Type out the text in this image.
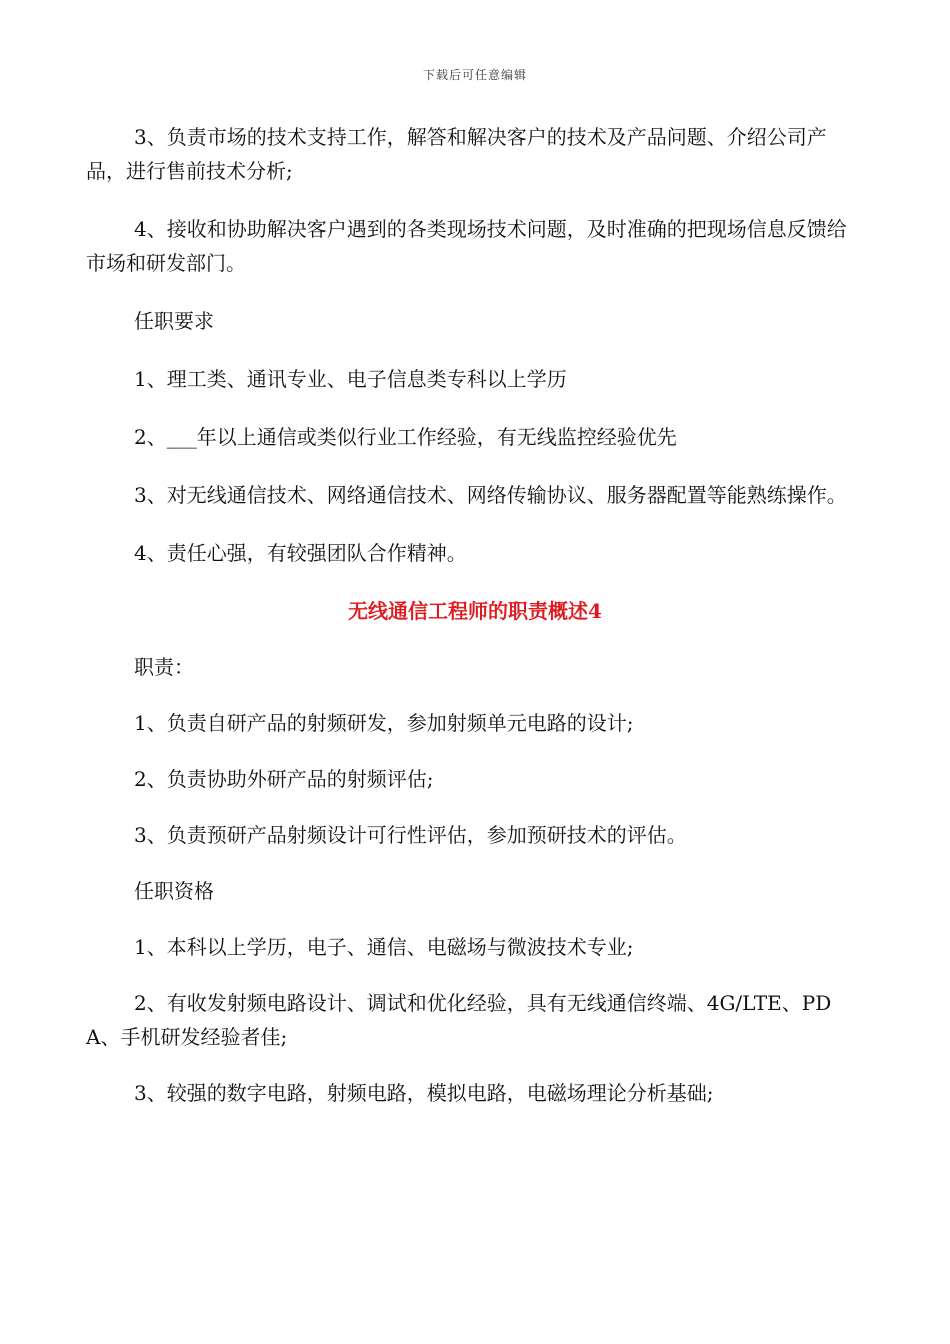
下载后可任意编辑

3、负责市场的技术支持工作，解答和解决客户的技术及产品问题、介绍公司产品，进行售前技术分析;

4、接收和协助解决客户遇到的各类现场技术问题，及时准确的把现场信息反馈给市场和研发部门。

任职要求

1、理工类、通讯专业、电子信息类专科以上学历

2、___年以上通信或类似行业工作经验，有无线监控经验优先

3、对无线通信技术、网络通信技术、网络传输协议、服务器配置等能熟练操作。

4、责任心强，有较强团队合作精神。

无线通信工程师的职责概述4

职责：

1、负责自研产品的射频研发，参加射频单元电路的设计;

2、负责协助外研产品的射频评估;

3、负责预研产品射频设计可行性评估，参加预研技术的评估。

任职资格

1、本科以上学历，电子、通信、电磁场与微波技术专业;

2、有收发射频电路设计、调试和优化经验，具有无线通信终端、4G/LTE、PDA、手机研发经验者佳;

3、较强的数字电路，射频电路，模拟电路，电磁场理论分析基础;
